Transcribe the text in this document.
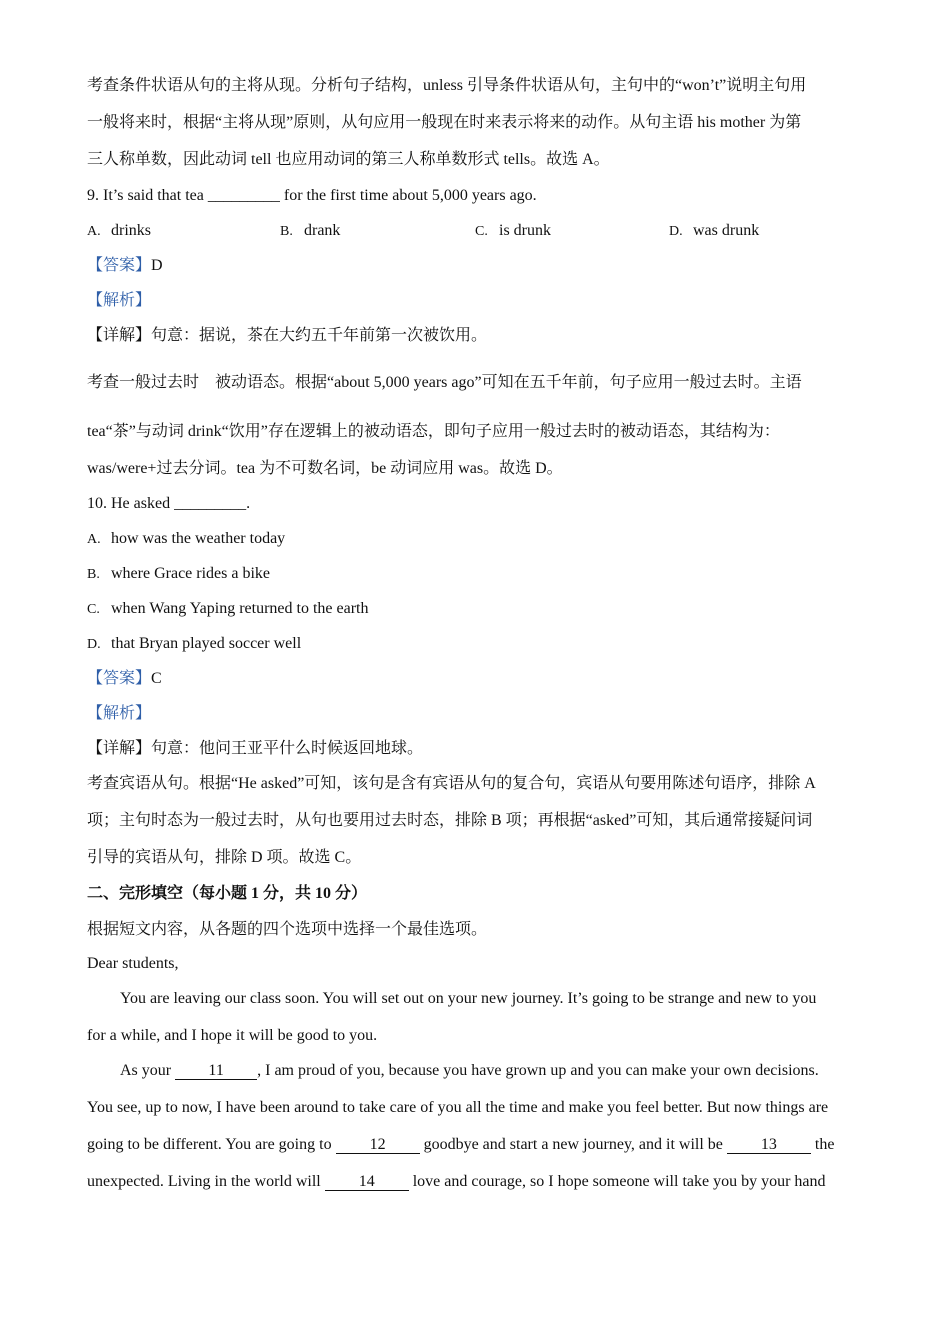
考查条件状语从句的主将从现。分析句子结构，unless 引导条件状语从句，主句中的“won’t”说明主句用
一般将来时，根据“主将从现”原则，从句应用一般现在时来表示将来的动作。从句主语 his mother 为第
三人称单数，因此动词 tell 也应用动词的第三人称单数形式 tells。故选 A。
9. It’s said that tea _________ for the first time about 5,000 years ago.
A. drinks	B. drank	C. is drunk	D. was drunk
【答案】D
【解析】
【详解】句意：据说，茶在大约五千年前第一次被饮用。
考查一般过去时　被动语态。根据“about 5,000 years ago”可知在五千年前，句子应用一般过去时。主语
tea“茶”与动词 drink“饮用”存在逻辑上的被动语态，即句子应用一般过去时的被动语态，其结构为：
was/were+过去分词。tea 为不可数名词，be 动词应用 was。故选 D。
10. He asked _________.
A. how was the weather today
B. where Grace rides a bike
C. when Wang Yaping returned to the earth
D. that Bryan played soccer well
【答案】C
【解析】
【详解】句意：他问王亚平什么时候返回地球。
考查宾语从句。根据“He asked”可知，该句是含有宾语从句的复合句，宾语从句要用陈述句语序，排除 A
项；主句时态为一般过去时，从句也要用过去时态，排除 B 项；再根据“asked”可知，其后通常接疑问词
引导的宾语从句，排除 D 项。故选 C。
二、完形填空（每小题 1 分，共 10 分）
根据短文内容，从各题的四个选项中选择一个最佳选项。
Dear students,
You are leaving our class soon. You will set out on your new journey. It’s going to be strange and new to you
for a while, and I hope it will be good to you.
As your 11 , I am proud of you, because you have grown up and you can make your own decisions.
You see, up to now, I have been around to take care of you all the time and make you feel better. But now things are
going to be different. You are going to 12 goodbye and start a new journey, and it will be 13 the
unexpected. Living in the world will 14 love and courage, so I hope someone will take you by your hand
